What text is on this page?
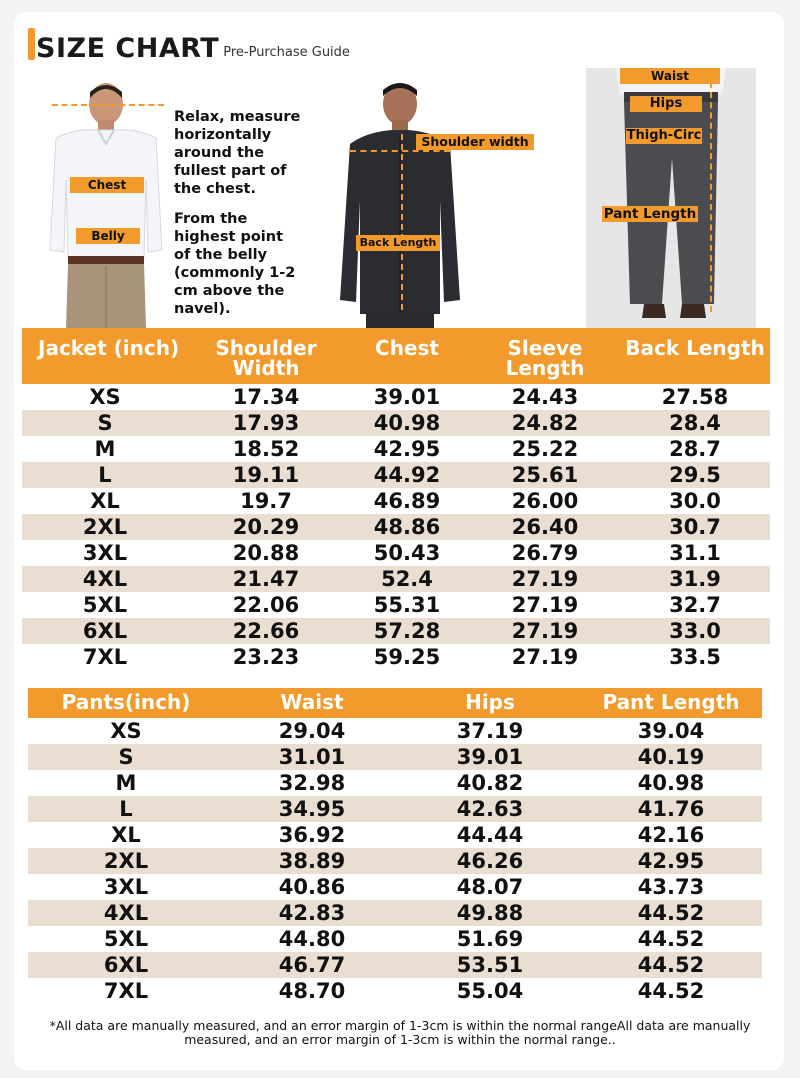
SIZE CHART Pre-Purchase Guide
Chest
Belly
Relax, measure horizontally around the fullest part of the chest.
From the highest point of the belly (commonly 1-2 cm above the navel).
Shoulder width
Back Length
Waist
Hips
Thigh-Circ
Pant Length
Jacket (inch)	Shoulder Width	Chest	Sleeve Length	Back Length
XS	17.34	39.01	24.43	27.58
S	17.93	40.98	24.82	28.4
M	18.52	42.95	25.22	28.7
L	19.11	44.92	25.61	29.5
XL	19.7	46.89	26.00	30.0
2XL	20.29	48.86	26.40	30.7
3XL	20.88	50.43	26.79	31.1
4XL	21.47	52.4	27.19	31.9
5XL	22.06	55.31	27.19	32.7
6XL	22.66	57.28	27.19	33.0
7XL	23.23	59.25	27.19	33.5
Pants(inch)	Waist	Hips	Pant Length
XS	29.04	37.19	39.04
S	31.01	39.01	40.19
M	32.98	40.82	40.98
L	34.95	42.63	41.76
XL	36.92	44.44	42.16
2XL	38.89	46.26	42.95
3XL	40.86	48.07	43.73
4XL	42.83	49.88	44.52
5XL	44.80	51.69	44.52
6XL	46.77	53.51	44.52
7XL	48.70	55.04	44.52
*All data are manually measured, and an error margin of 1-3cm is within the normal rangeAll data are manually measured, and an error margin of 1-3cm is within the normal range..
